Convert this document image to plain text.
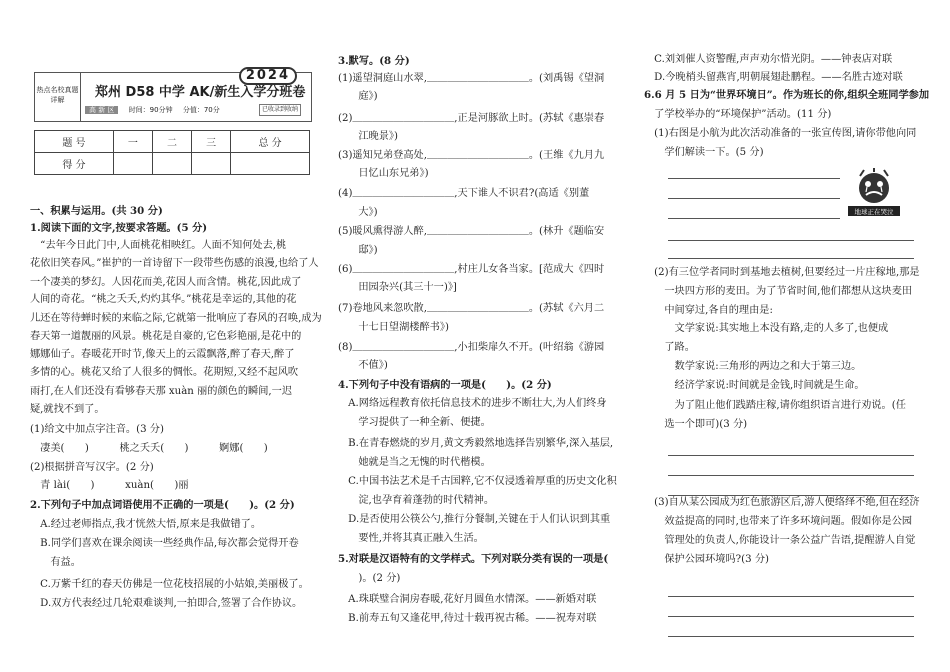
热点名校真题详解
2024
郑州 D58 中学 AK/新生入学分班卷
高 新 区 时间：90分钟 分值：70分	已收录到收纳
题 号	一	二	三	总 分
得 分				
一、积累与运用。(共 30 分)
1.阅读下面的文字,按要求答题。(5 分)
　“去年今日此门中,人面桃花相映红。人面不知何处去,桃
花依旧笑春风。”崔护的一首诗留下一段带些伤感的浪漫,也给了人
一个凄美的梦幻。人因花而美,花因人而含情。桃花,因此成了
人间的奇花。“桃之夭夭,灼灼其华。”桃花是幸运的,其他的花
儿还在等待蝉时候的来临之际,它就第一批响应了春风的召唤,成为
春天第一道靓丽的风景。桃花是自豪的,它色彩艳丽,是花中的
娜娜仙子。春暖花开时节,像天上的云霞飘落,醉了春天,醉了
多情的心。桃花又给了人很多的惆怅。花期短,又经不起风吹
雨打,在人们还没有看够春天那 xuàn 丽的颜色的瞬间,一迟
疑,就找不到了。
(1)给文中加点字注音。(3 分)
　凄美(　　)　　　桃之夭夭(　　)　　　婀娜(　　)
(2)根据拼音写汉字。(2 分)
　青 lài(　　)　　　xuàn(　　)丽
2.下列句子中加点词语使用不正确的一项是(　　)。(2 分)
　A.经过老师指点,我才恍然大悟,原来是我做错了。
　B.同学们喜欢在课余阅读一些经典作品,每次都会觉得开卷
　　有益。
　C.万紫千红的春天仿佛是一位花枝招展的小姑娘,美丽极了。
　D.双方代表经过几轮艰难谈判,一拍即合,签署了合作协议。
3.默写。(8 分)
(1)遥望洞庭山水翠,＿＿＿＿＿＿＿＿＿＿。(刘禹锡《望洞
　　庭》)
(2)＿＿＿＿＿＿＿＿＿＿,正是河豚欲上时。(苏轼《惠崇春
　　江晚景》)
(3)遥知兄弟登高处,＿＿＿＿＿＿＿＿＿＿。(王维《九月九
　　日忆山东兄弟》)
(4)＿＿＿＿＿＿＿＿＿＿,天下谁人不识君?(高适《别董
　　大》)
(5)暖风熏得游人醉,＿＿＿＿＿＿＿＿＿＿。(林升《题临安
　　邸》)
(6)＿＿＿＿＿＿＿＿＿＿,村庄儿女各当家。[范成大《四时
　　田园杂兴(其三十一)》]
(7)卷地风来忽吹散,＿＿＿＿＿＿＿＿＿＿。(苏轼《六月二
　　十七日望湖楼醉书》)
(8)＿＿＿＿＿＿＿＿＿＿,小扣柴扉久不开。(叶绍翁《游园
　　不值》)
4.下列句子中没有语病的一项是(　　)。(2 分)
　A.网络远程教育依托信息技术的进步不断壮大,为人们终身
　　学习提供了一种全新、便捷。
　B.在青春燃烧的岁月,黄文秀毅然地选择告别繁华,深入基层,
　　她就是当之无愧的时代楷模。
　C.中国书法艺术是千古国粹,它不仅浸透着厚重的历史文化积
　　淀,也孕育着蓬勃的时代精神。
　D.是否使用公筷公勺,推行分餐制,关键在于人们认识到其重
　　要性,并将其真正融入生活。
5.对联是汉语特有的文学样式。下列对联分类有误的一项是(
　　)。(2 分)
　A.珠联璧合洞房春暖,花好月圆鱼水情深。——新婚对联
　B.前寿五旬又逢花甲,待过十载再祝古稀。——祝寿对联
　C.刘刘催人资警醒,声声劝尔惜光阴。——钟表店对联
　D.今晚梢头留燕宵,明朝展翅赴鹏程。——名胜古迹对联
6.6 月 5 日为“世界环境日”。作为班长的你,组织全班同学参加
　了学校举办的“环境保护”活动。(11 分)
　(1)右图是小航为此次活动准备的一张宣传图,请你带他向同
　　学们解读一下。(5 分)
　(2)有三位学者同时到基地去植树,但要经过一片庄稼地,那是
　　一块四方形的麦田。为了节省时间,他们都想从这块麦田
　　中间穿过,各自的理由是:
　　　文学家说:其实地上本没有路,走的人多了,也便成
　　了路。
　　　数学家说:三角形的两边之和大于第三边。
　　　经济学家说:时间就是金钱,时间就是生命。
　　　为了阻止他们践踏庄稼,请你组织语言进行劝说。(任
　　选一个即可)(3 分)
　(3)自从某公园成为红色旅游区后,游人便络绎不绝,但在经济
　　效益提高的同时,也带来了许多环境问题。假如你是公园
　　管理处的负责人,你能设计一条公益广告语,提醒游人自觉
　　保护公园环境吗?(3 分)
地球正在哭泣
